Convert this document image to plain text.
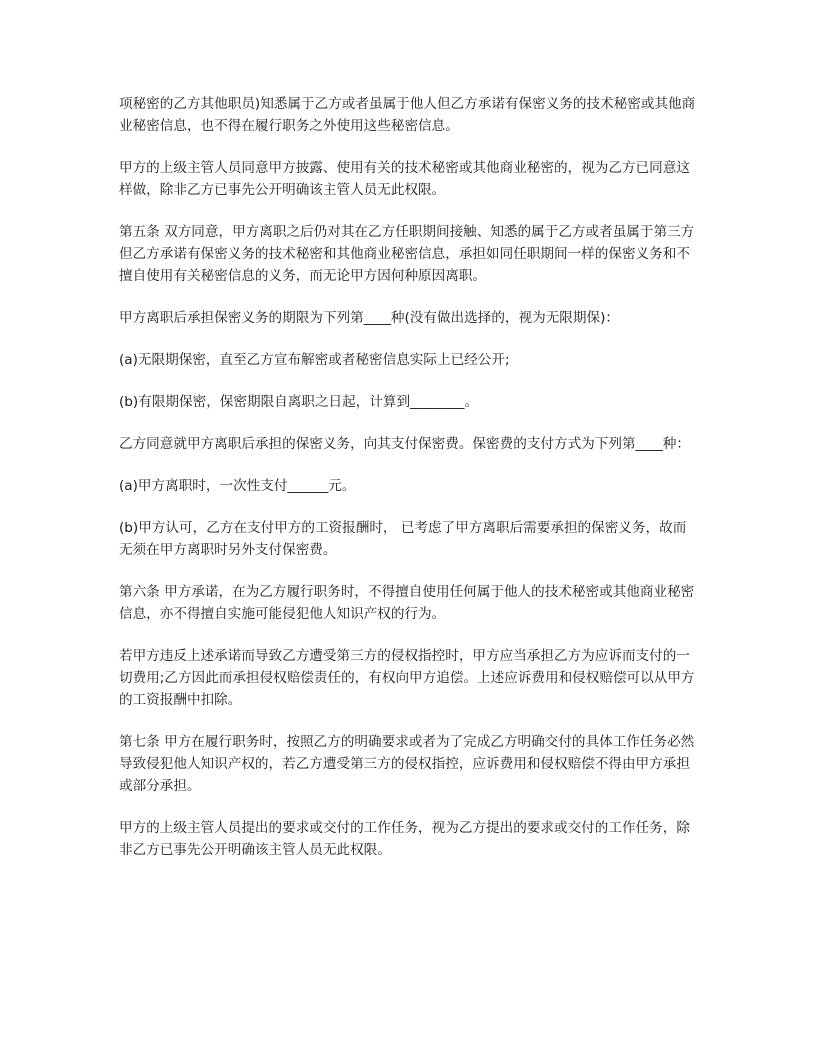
项秘密的乙方其他职员)知悉属于乙方或者虽属于他人但乙方承诺有保密义务的技术秘密或其他商业秘密信息，也不得在履行职务之外使用这些秘密信息。

甲方的上级主管人员同意甲方披露、使用有关的技术秘密或其他商业秘密的，视为乙方已同意这样做，除非乙方已事先公开明确该主管人员无此权限。

第五条 双方同意，甲方离职之后仍对其在乙方任职期间接触、知悉的属于乙方或者虽属于第三方但乙方承诺有保密义务的技术秘密和其他商业秘密信息，承担如同任职期间一样的保密义务和不擅自使用有关秘密信息的义务，而无论甲方因何种原因离职。

甲方离职后承担保密义务的期限为下列第____种(没有做出选择的，视为无限期保)：

(a)无限期保密，直至乙方宣布解密或者秘密信息实际上已经公开;

(b)有限期保密，保密期限自离职之日起，计算到________。

乙方同意就甲方离职后承担的保密义务，向其支付保密费。保密费的支付方式为下列第____种：

(a)甲方离职时，一次性支付______元。

(b)甲方认可，乙方在支付甲方的工资报酬时， 已考虑了甲方离职后需要承担的保密义务，故而无须在甲方离职时另外支付保密费。

第六条 甲方承诺，在为乙方履行职务时，不得擅自使用任何属于他人的技术秘密或其他商业秘密信息，亦不得擅自实施可能侵犯他人知识产权的行为。

若甲方违反上述承诺而导致乙方遭受第三方的侵权指控时，甲方应当承担乙方为应诉而支付的一切费用;乙方因此而承担侵权赔偿责任的，有权向甲方追偿。上述应诉费用和侵权赔偿可以从甲方的工资报酬中扣除。

第七条 甲方在履行职务时，按照乙方的明确要求或者为了完成乙方明确交付的具体工作任务必然导致侵犯他人知识产权的，若乙方遭受第三方的侵权指控，应诉费用和侵权赔偿不得由甲方承担或部分承担。

甲方的上级主管人员提出的要求或交付的工作任务，视为乙方提出的要求或交付的工作任务，除非乙方已事先公开明确该主管人员无此权限。
